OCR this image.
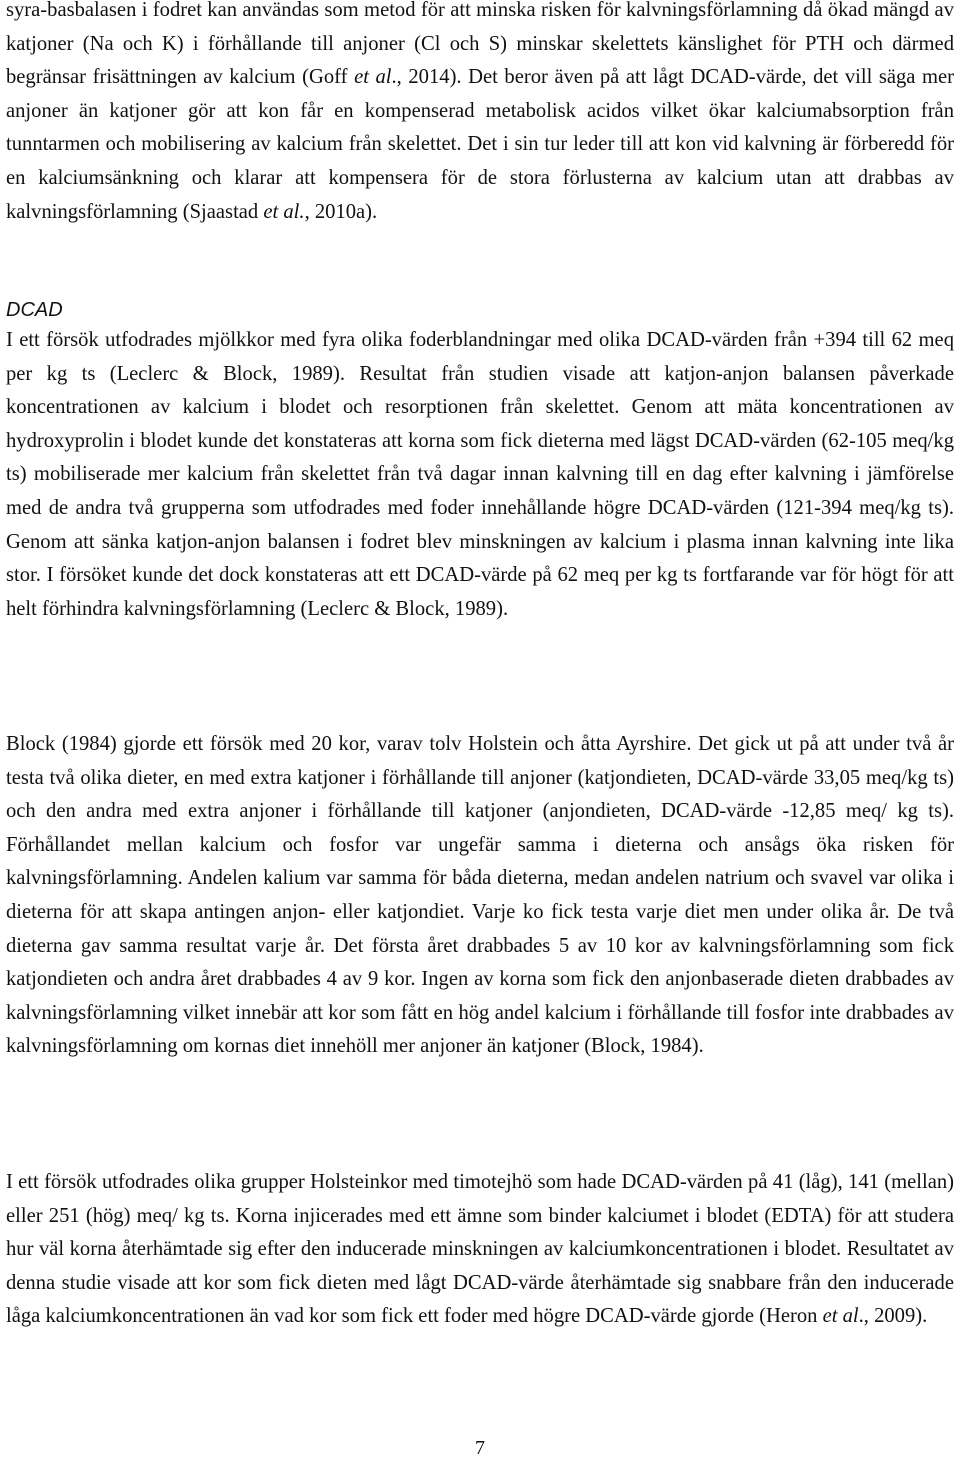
syra-basbalasen i fodret kan användas som metod för att minska risken för kalvningsförlamning då ökad mängd av katjoner (Na och K) i förhållande till anjoner (Cl och S) minskar skelettets känslighet för PTH och därmed begränsar frisättningen av kalcium (Goff et al., 2014). Det beror även på att lågt DCAD-värde, det vill säga mer anjoner än katjoner gör att kon får en kompenserad metabolisk acidos vilket ökar kalciumabsorption från tunntarmen och mobilisering av kalcium från skelettet. Det i sin tur leder till att kon vid kalvning är förberedd för en kalciumsänkning och klarar att kompensera för de stora förlusterna av kalcium utan att drabbas av kalvningsförlamning (Sjaastad et al., 2010a).

DCAD

I ett försök utfodrades mjölkkor med fyra olika foderblandningar med olika DCAD-värden från +394 till 62 meq per kg ts (Leclerc & Block, 1989). Resultat från studien visade att katjon-anjon balansen påverkade koncentrationen av kalcium i blodet och resorptionen från skelettet. Genom att mäta koncentrationen av hydroxyprolin i blodet kunde det konstateras att korna som fick dieterna med lägst DCAD-värden (62-105 meq/kg ts) mobiliserade mer kalcium från skelettet från två dagar innan kalvning till en dag efter kalvning i jämförelse med de andra två grupperna som utfodrades med foder innehållande högre DCAD-värden (121-394 meq/kg ts). Genom att sänka katjon-anjon balansen i fodret blev minskningen av kalcium i plasma innan kalvning inte lika stor. I försöket kunde det dock konstateras att ett DCAD-värde på 62 meq per kg ts fortfarande var för högt för att helt förhindra kalvningsförlamning (Leclerc & Block, 1989).

Block (1984) gjorde ett försök med 20 kor, varav tolv Holstein och åtta Ayrshire. Det gick ut på att under två år testa två olika dieter, en med extra katjoner i förhållande till anjoner (katjondieten, DCAD-värde 33,05 meq/kg ts) och den andra med extra anjoner i förhållande till katjoner (anjondieten, DCAD-värde -12,85 meq/ kg ts). Förhållandet mellan kalcium och fosfor var ungefär samma i dieterna och ansågs öka risken för kalvningsförlamning. Andelen kalium var samma för båda dieterna, medan andelen natrium och svavel var olika i dieterna för att skapa antingen anjon- eller katjondiet. Varje ko fick testa varje diet men under olika år. De två dieterna gav samma resultat varje år. Det första året drabbades 5 av 10 kor av kalvningsförlamning som fick katjondieten och andra året drabbades 4 av 9 kor. Ingen av korna som fick den anjonbaserade dieten drabbades av kalvningsförlamning vilket innebär att kor som fått en hög andel kalcium i förhållande till fosfor inte drabbades av kalvningsförlamning om kornas diet innehöll mer anjoner än katjoner (Block, 1984).

I ett försök utfodrades olika grupper Holsteinkor med timotejhö som hade DCAD-värden på 41 (låg), 141 (mellan) eller 251 (hög) meq/ kg ts. Korna injicerades med ett ämne som binder kalciumet i blodet (EDTA) för att studera hur väl korna återhämtade sig efter den inducerade minskningen av kalciumkoncentrationen i blodet. Resultatet av denna studie visade att kor som fick dieten med lågt DCAD-värde återhämtade sig snabbare från den inducerade låga kalciumkoncentrationen än vad kor som fick ett foder med högre DCAD-värde gjorde (Heron et al., 2009).

7
